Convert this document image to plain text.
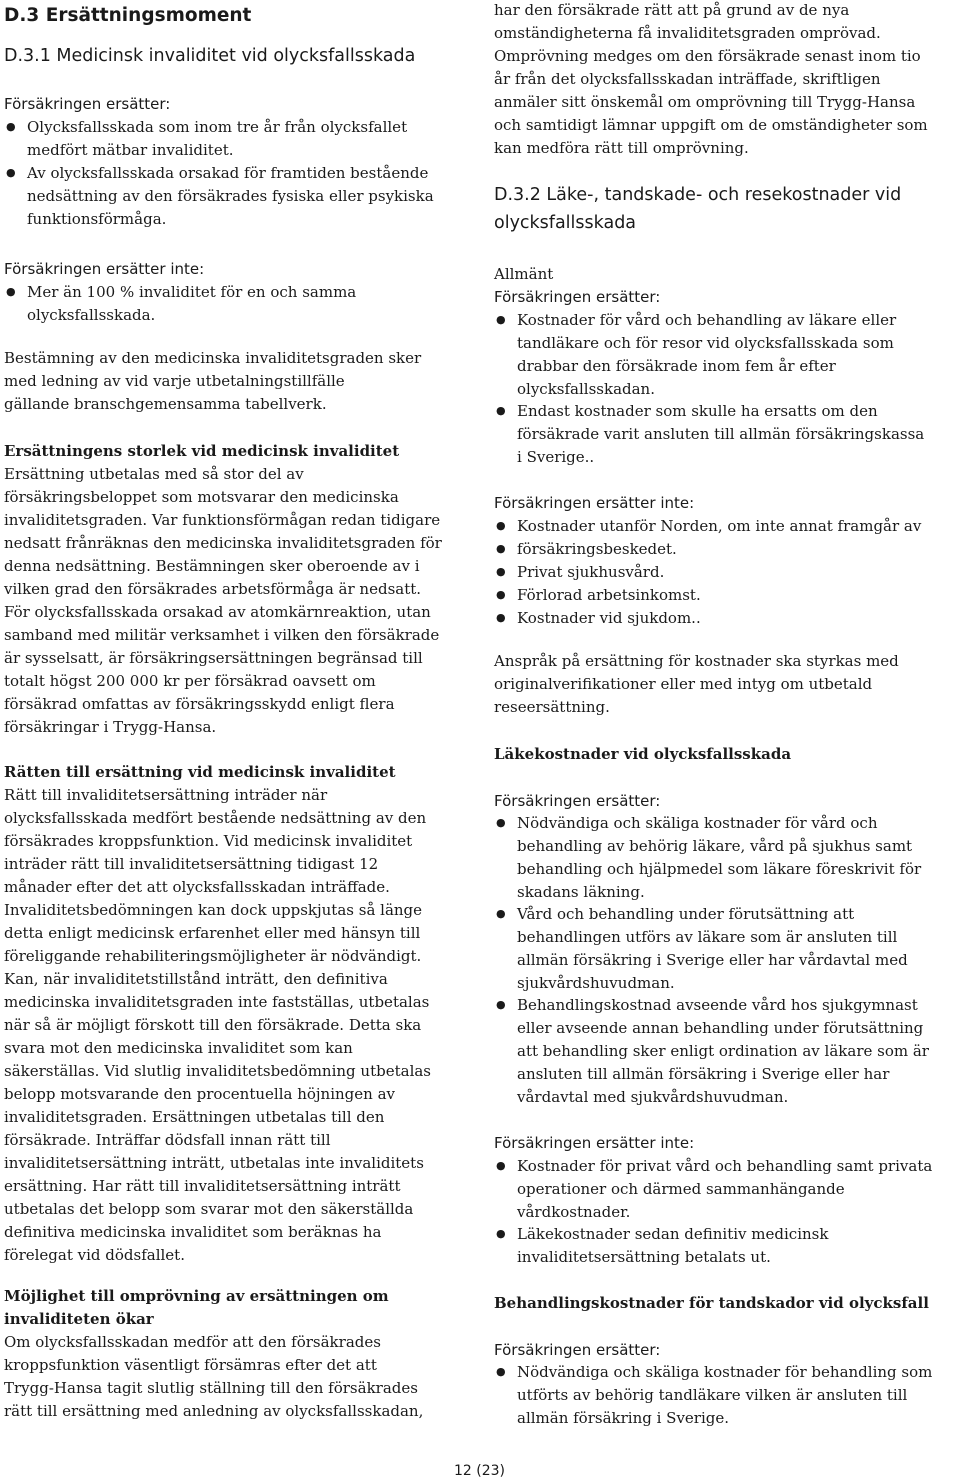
D.3 Ersättningsmoment
D.3.1 Medicinsk invaliditet vid olycksfallsskada
Försäkringen ersätter:
● Olycksfallsskada som inom tre år från olycksfallet
medfört mätbar invaliditet.
● Av olycksfallsskada orsakad för framtiden bestående
nedsättning av den försäkrades fysiska eller psykiska
funktionsförmåga.
Försäkringen ersätter inte:
● Mer än 100 % invaliditet för en och samma
olycksfallsskada.
Bestämning av den medicinska invaliditetsgraden sker
med ledning av vid varje utbetalningstillfälle
gällande branschgemensamma tabellverk.
Ersättningens storlek vid medicinsk invaliditet
Ersättning utbetalas med så stor del av
försäkringsbeloppet som motsvarar den medicinska
invaliditetsgraden. Var funktionsförmågan redan tidigare
nedsatt frånräknas den medicinska invaliditetsgraden för
denna nedsättning. Bestämningen sker oberoende av i
vilken grad den försäkrades arbetsförmåga är nedsatt.
För olycksfallsskada orsakad av atomkärnreaktion, utan
samband med militär verksamhet i vilken den försäkrade
är sysselsatt, är försäkringsersättningen begränsad till
totalt högst 200 000 kr per försäkrad oavsett om
försäkrad omfattas av försäkringsskydd enligt flera
försäkringar i Trygg-Hansa.
Rätten till ersättning vid medicinsk invaliditet
Rätt till invaliditetsersättning inträder när
olycksfallsskada medfört bestående nedsättning av den
försäkrades kroppsfunktion. Vid medicinsk invaliditet
inträder rätt till invaliditetsersättning tidigast 12
månader efter det att olycksfallsskadan inträffade.
Invaliditetsbedömningen kan dock uppskjutas så länge
detta enligt medicinsk erfarenhet eller med hänsyn till
föreliggande rehabiliteringsmöjligheter är nödvändigt.
Kan, när invaliditetstillstånd inträtt, den definitiva
medicinska invaliditetsgraden inte fastställas, utbetalas
när så är möjligt förskott till den försäkrade. Detta ska
svara mot den medicinska invaliditet som kan
säkerställas. Vid slutlig invaliditetsbedömning utbetalas
belopp motsvarande den procentuella höjningen av
invaliditetsgraden. Ersättningen utbetalas till den
försäkrade. Inträffar dödsfall innan rätt till
invaliditetsersättning inträtt, utbetalas inte invaliditets
ersättning. Har rätt till invaliditetsersättning inträtt
utbetalas det belopp som svarar mot den säkerställda
definitiva medicinska invaliditet som beräknas ha
förelegat vid dödsfallet.
Möjlighet till omprövning av ersättningen om
invaliditeten ökar
Om olycksfallsskadan medför att den försäkrades
kroppsfunktion väsentligt försämras efter det att
Trygg-Hansa tagit slutlig ställning till den försäkrades
rätt till ersättning med anledning av olycksfallsskadan,
har den försäkrade rätt att på grund av de nya
omständigheterna få invaliditetsgraden omprövad.
Omprövning medges om den försäkrade senast inom tio
år från det olycksfallsskadan inträffade, skriftligen
anmäler sitt önskemål om omprövning till Trygg-Hansa
och samtidigt lämnar uppgift om de omständigheter som
kan medföra rätt till omprövning.
D.3.2 Läke-, tandskade- och resekostnader vid
olycksfallsskada
Allmänt
Försäkringen ersätter:
● Kostnader för vård och behandling av läkare eller
tandläkare och för resor vid olycksfallsskada som
drabbar den försäkrade inom fem år efter
olycksfallsskadan.
● Endast kostnader som skulle ha ersatts om den
försäkrade varit ansluten till allmän försäkringskassa
i Sverige..
Försäkringen ersätter inte:
● Kostnader utanför Norden, om inte annat framgår av
● försäkringsbeskedet.
● Privat sjukhusvård.
● Förlorad arbetsinkomst.
● Kostnader vid sjukdom..
Anspråk på ersättning för kostnader ska styrkas med
originalverifikationer eller med intyg om utbetald
reseersättning.
Läkekostnader vid olycksfallsskada
Försäkringen ersätter:
● Nödvändiga och skäliga kostnader för vård och
behandling av behörig läkare, vård på sjukhus samt
behandling och hjälpmedel som läkare föreskrivit för
skadans läkning.
● Vård och behandling under förutsättning att
behandlingen utförs av läkare som är ansluten till
allmän försäkring i Sverige eller har vårdavtal med
sjukvårdshuvudman.
● Behandlingskostnad avseende vård hos sjukgymnast
eller avseende annan behandling under förutsättning
att behandling sker enligt ordination av läkare som är
ansluten till allmän försäkring i Sverige eller har
vårdavtal med sjukvårdshuvudman.
Försäkringen ersätter inte:
● Kostnader för privat vård och behandling samt privata
operationer och därmed sammanhängande
vårdkostnader.
● Läkekostnader sedan definitiv medicinsk
invaliditetsersättning betalats ut.
Behandlingskostnader för tandskador vid olycksfall
Försäkringen ersätter:
● Nödvändiga och skäliga kostnader för behandling som
utförts av behörig tandläkare vilken är ansluten till
allmän försäkring i Sverige.
12 (23)
